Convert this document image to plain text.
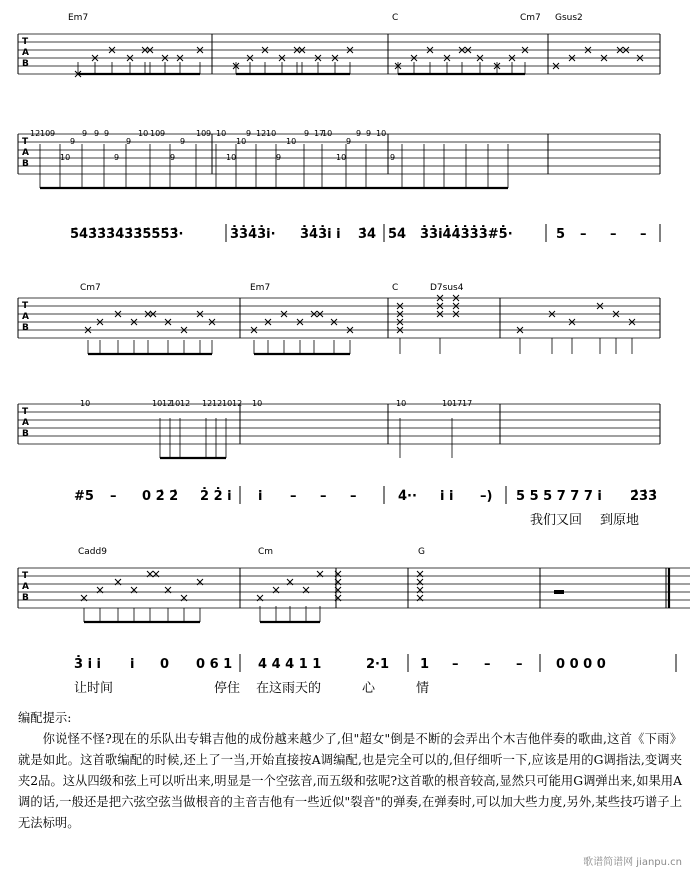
T
A
B
T
A
B
Em7	C	Cm7 Gsus2
12 10 9
10
9
9 9 9
9
9
10 10 9
9
9
10 9 10
10
10
9 12 10
9
10
9 17
10
10
9
9 9 10
9
5̇4̇3̇3̇3̇4̇3̇3̇5̇5̇5̇3̇·	3̇3̇4̇3̇i· 3̇4̇3̇i i 3̇4̇ 5̇4̇ 3̇3̇i4̇4̇3̇3̇3̇#5̇·	5 – – –
T
A
B
T
A
B
Cm7	Em7	C	D7sus4
10	10 12
10 12 12 12 10 12 10	10	10 17 17
#5 – 0 2̇ 2̇ 2̇ 2̇ i i – – –	4̇·· i i –) 5 5 5 7 7 7 i 2̇3̇3̇
我们又回 到原地
T
A
B
Cadd9	Cm	G
3̇ i i i 0 0 6 1 4 4 4 1 1	2·1 1 – – –	0 0 0 0
让时间	停住 在这雨天的	心	情
编配提示:
你说怪不怪?现在的乐队出专辑吉他的成份越来越少了,但"超女"倒是不断的会弄出个木吉他伴奏的歌曲,这首《下雨》就是如此。这首歌编配的时候,还上了一当,开始直接按A调编配,也是完全可以的,但仔细听一下,应该是用的G调指法,变调夹夹2品。这从四级和弦上可以听出来,明显是一个空弦音,而五级和弦呢?这首歌的根音较高,显然只可能用G调弹出来,如果用A调的话,一般还是把六弦空弦当做根音的主音吉他有一些近似"裂音"的弹奏,在弹奏时,可以加大些力度,另外,某些技巧谱子上无法标明。
歌谱简谱网 jianpu.cn
